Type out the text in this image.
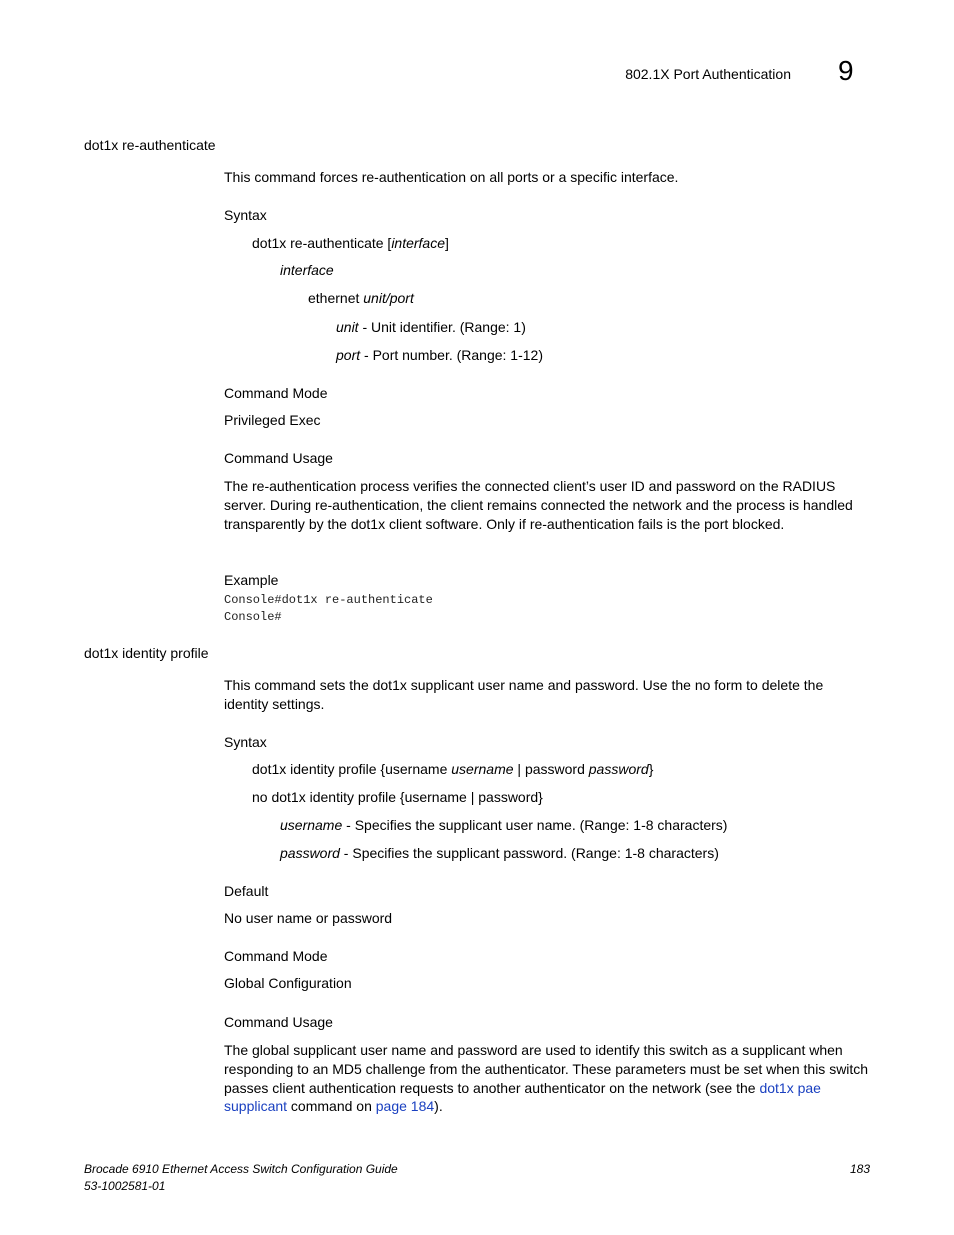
802.1X Port Authentication 9
dot1x re-authenticate
This command forces re-authentication on all ports or a specific interface.
Syntax
dot1x re-authenticate [interface]
interface
ethernet unit/port
unit - Unit identifier. (Range: 1)
port - Port number. (Range: 1-12)
Command Mode
Privileged Exec
Command Usage
The re-authentication process verifies the connected client’s user ID and password on the RADIUS server. During re-authentication, the client remains connected the network and the process is handled transparently by the dot1x client software. Only if re-authentication fails is the port blocked.
Example
Console#dot1x re-authenticate
Console#
dot1x identity profile
This command sets the dot1x supplicant user name and password. Use the no form to delete the identity settings.
Syntax
dot1x identity profile {username username | password password}
no dot1x identity profile {username | password}
username - Specifies the supplicant user name. (Range: 1-8 characters)
password - Specifies the supplicant password. (Range: 1-8 characters)
Default
No user name or password
Command Mode
Global Configuration
Command Usage
The global supplicant user name and password are used to identify this switch as a supplicant when responding to an MD5 challenge from the authenticator. These parameters must be set when this switch passes client authentication requests to another authenticator on the network (see the dot1x pae supplicant command on page 184).
Brocade 6910 Ethernet Access Switch Configuration Guide
53-1002581-01
183
